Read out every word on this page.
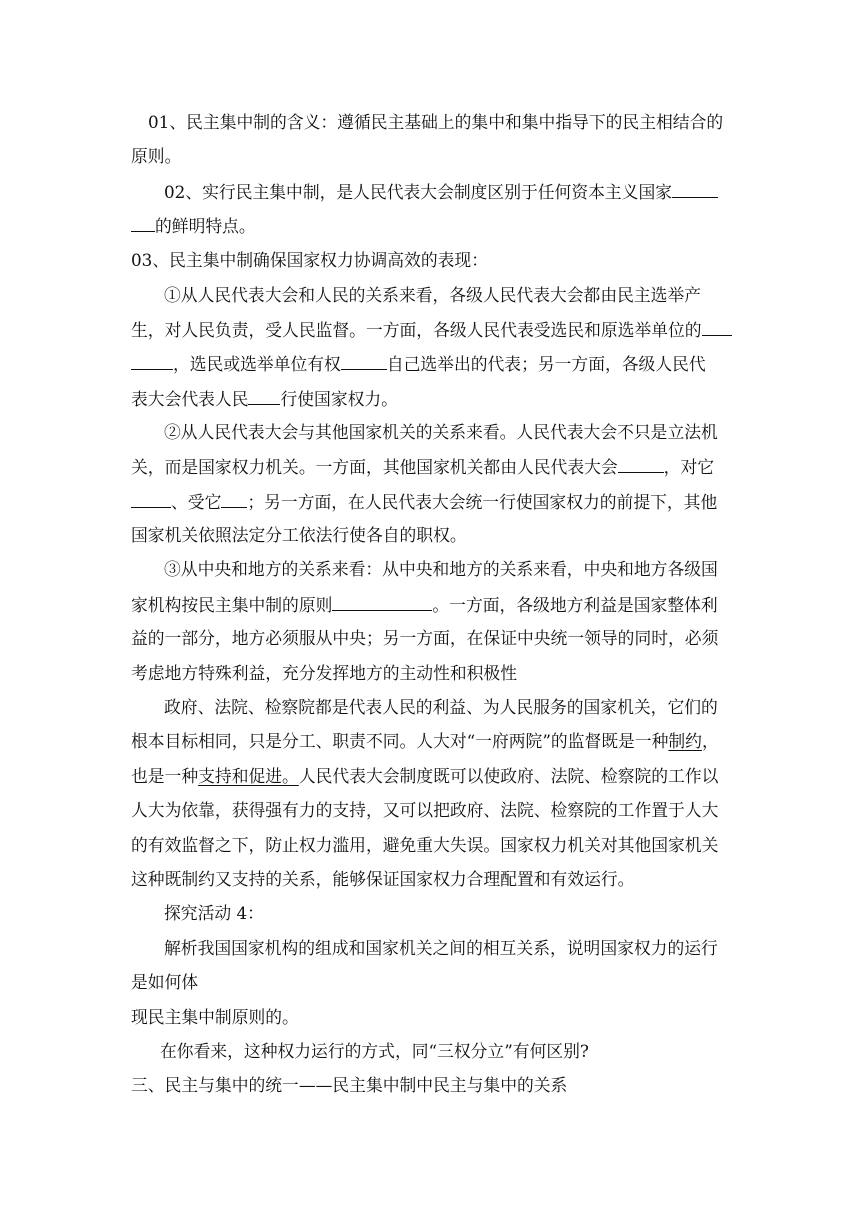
01、民主集中制的含义：遵循民主基础上的集中和集中指导下的民主相结合的
原则。
02、实行民主集中制，是人民代表大会制度区别于任何资本主义国家
的鲜明特点。
03、民主集中制确保国家权力协调高效的表现：
①从人民代表大会和人民的关系来看，各级人民代表大会都由民主选举产
生，对人民负责，受人民监督。一方面，各级人民代表受选民和原选举单位的
，选民或选举单位有权	自己选举出的代表；另一方面，各级人民代
表大会代表人民 行使国家权力。
②从人民代表大会与其他国家机关的关系来看。人民代表大会不只是立法机
关，而是国家权力机关。一方面，其他国家机关都由人民代表大会	，对它
、受它 ；另一方面，在人民代表大会统一行使国家权力的前提下，其他
国家机关依照法定分工依法行使各自的职权。
③从中央和地方的关系来看：从中央和地方的关系来看，中央和地方各级国
家机构按民主集中制的原则	。一方面，各级地方利益是国家整体利
益的一部分，地方必须服从中央；另一方面，在保证中央统一领导的同时，必须
考虑地方特殊利益，充分发挥地方的主动性和积极性
政府、法院、检察院都是代表人民的利益、为人民服务的国家机关，它们的
根本目标相同，只是分工、职责不同。人大对“一府两院”的监督既是一种制约，
也是一种支持和促进。人民代表大会制度既可以使政府、法院、检察院的工作以
人大为依靠，获得强有力的支持，又可以把政府、法院、检察院的工作置于人大
的有效监督之下，防止权力滥用，避免重大失误。国家权力机关对其他国家机关
这种既制约又支持的关系，能够保证国家权力合理配置和有效运行。
探究活动 4：
解析我国国家机构的组成和国家机关之间的相互关系，说明国家权力的运行
是如何体
现民主集中制原则的。
在你看来，这种权力运行的方式，同“三权分立”有何区别?
三、民主与集中的统一——民主集中制中民主与集中的关系
